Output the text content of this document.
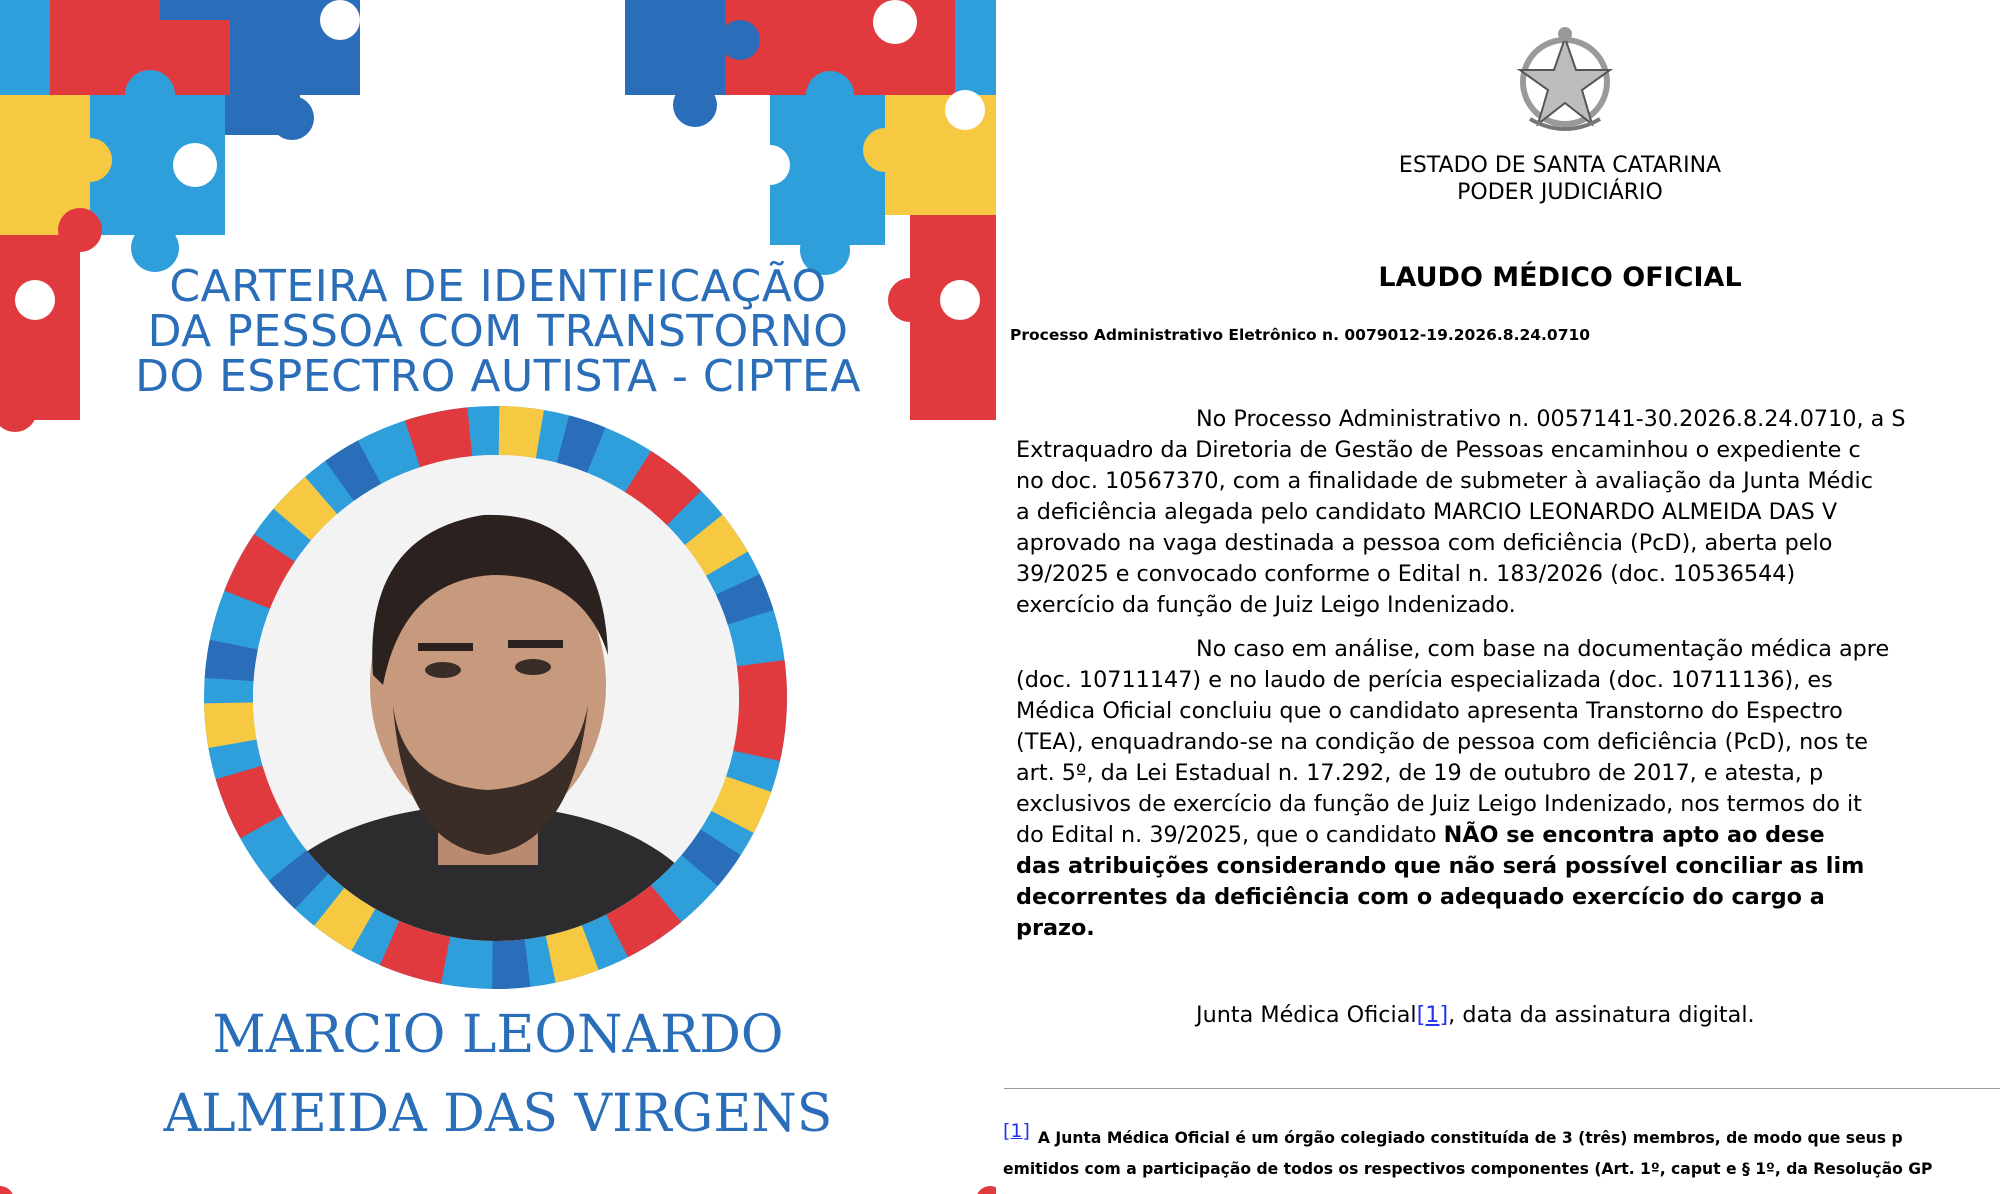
CARTEIRA DE IDENTIFICAÇÃO
DA PESSOA COM TRANSTORNO
DO ESPECTRO AUTISTA - CIPTEA
MARCIO LEONARDO
ALMEIDA DAS VIRGENS
ESTADO DE SANTA CATARINA
PODER JUDICIÁRIO
LAUDO MÉDICO OFICIAL
Processo Administrativo Eletrônico n. 0079012-19.2026.8.24.0710
No Processo Administrativo n. 0057141-30.2026.8.24.0710, a S
Extraquadro da Diretoria de Gestão de Pessoas encaminhou o expediente c
no doc. 10567370, com a finalidade de submeter à avaliação da Junta Médic
a deficiência alegada pelo candidato MARCIO LEONARDO ALMEIDA DAS V
aprovado na vaga destinada a pessoa com deficiência (PcD), aberta pelo
39/2025 e convocado conforme o Edital n. 183/2026 (doc. 10536544)
exercício da função de Juiz Leigo Indenizado.
No caso em análise, com base na documentação médica apre
(doc. 10711147) e no laudo de perícia especializada (doc. 10711136), es
Médica Oficial concluiu que o candidato apresenta Transtorno do Espectro
(TEA), enquadrando-se na condição de pessoa com deficiência (PcD), nos te
art. 5º, da Lei Estadual n. 17.292, de 19 de outubro de 2017, e atesta, p
exclusivos de exercício da função de Juiz Leigo Indenizado, nos termos do it
do Edital n. 39/2025, que o candidato NÃO se encontra apto ao dese
das atribuições considerando que não será possível conciliar as lim
decorrentes da deficiência com o adequado exercício do cargo a
prazo.
Junta Médica Oficial[1], data da assinatura digital.
[1] A Junta Médica Oficial é um órgão colegiado constituída de 3 (três) membros, de modo que seus p
emitidos com a participação de todos os respectivos componentes (Art. 1º, caput e § 1º, da Resolução GP
